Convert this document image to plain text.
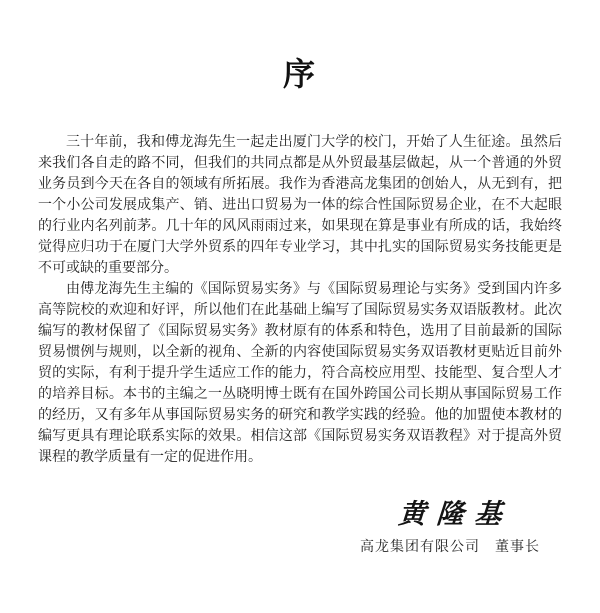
序

三十年前，我和傅龙海先生一起走出厦门大学的校门，开始了人生征途。虽然后来我们各自走的路不同，但我们的共同点都是从外贸最基层做起，从一个普通的外贸业务员到今天在各自的领域有所拓展。我作为香港高龙集团的创始人，从无到有，把一个小公司发展成集产、销、进出口贸易为一体的综合性国际贸易企业，在不大起眼的行业内名列前茅。几十年的风风雨雨过来，如果现在算是事业有所成的话，我始终觉得应归功于在厦门大学外贸系的四年专业学习，其中扎实的国际贸易实务技能更是不可或缺的重要部分。

由傅龙海先生主编的《国际贸易实务》与《国际贸易理论与实务》受到国内许多高等院校的欢迎和好评，所以他们在此基础上编写了国际贸易实务双语版教材。此次编写的教材保留了《国际贸易实务》教材原有的体系和特色，选用了目前最新的国际贸易惯例与规则，以全新的视角、全新的内容使国际贸易实务双语教材更贴近目前外贸的实际，有利于提升学生适应工作的能力，符合高校应用型、技能型、复合型人才的培养目标。本书的主编之一丛晓明博士既有在国外跨国公司长期从事国际贸易工作的经历，又有多年从事国际贸易实务的研究和教学实践的经验。他的加盟使本教材的编写更具有理论联系实际的效果。相信这部《国际贸易实务双语教程》对于提高外贸课程的教学质量有一定的促进作用。

黄隆基
高龙集团有限公司　董事长
